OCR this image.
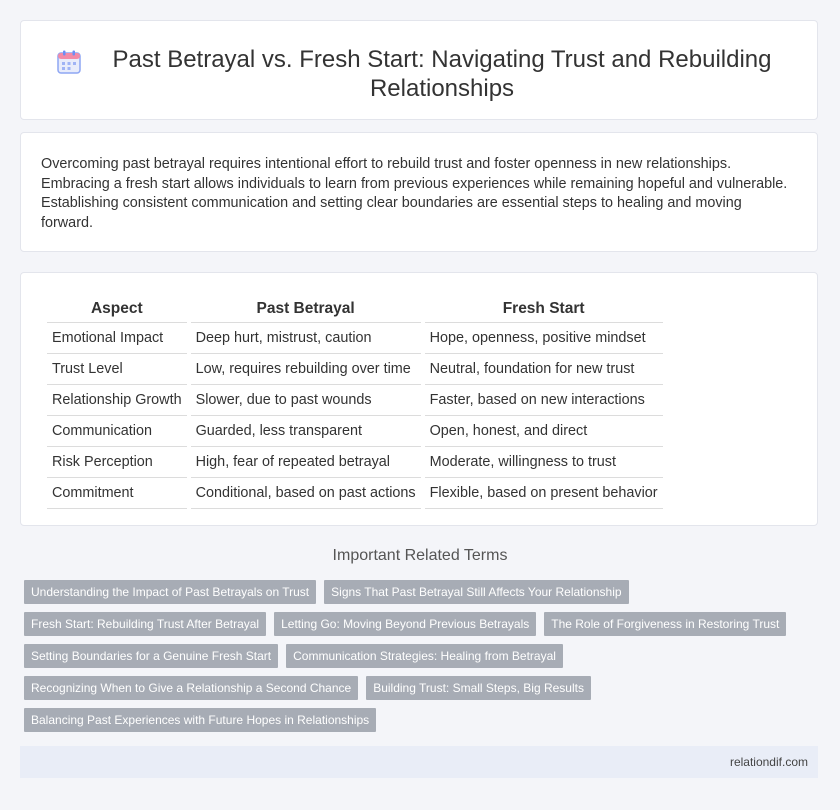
Past Betrayal vs. Fresh Start: Navigating Trust and Rebuilding Relationships

Overcoming past betrayal requires intentional effort to rebuild trust and foster openness in new relationships. Embracing a fresh start allows individuals to learn from previous experiences while remaining hopeful and vulnerable. Establishing consistent communication and setting clear boundaries are essential steps to healing and moving forward.

Aspect	Past Betrayal	Fresh Start
Emotional Impact	Deep hurt, mistrust, caution	Hope, openness, positive mindset
Trust Level	Low, requires rebuilding over time	Neutral, foundation for new trust
Relationship Growth	Slower, due to past wounds	Faster, based on new interactions
Communication	Guarded, less transparent	Open, honest, and direct
Risk Perception	High, fear of repeated betrayal	Moderate, willingness to trust
Commitment	Conditional, based on past actions	Flexible, based on present behavior
Important Related Terms
Understanding the Impact of Past Betrayals on Trust	Signs That Past Betrayal Still Affects Your Relationship
Fresh Start: Rebuilding Trust After Betrayal	Letting Go: Moving Beyond Previous Betrayals	The Role of Forgiveness in Restoring Trust
Setting Boundaries for a Genuine Fresh Start	Communication Strategies: Healing from Betrayal
Recognizing When to Give a Relationship a Second Chance	Building Trust: Small Steps, Big Results
Balancing Past Experiences with Future Hopes in Relationships
relationdif.com
